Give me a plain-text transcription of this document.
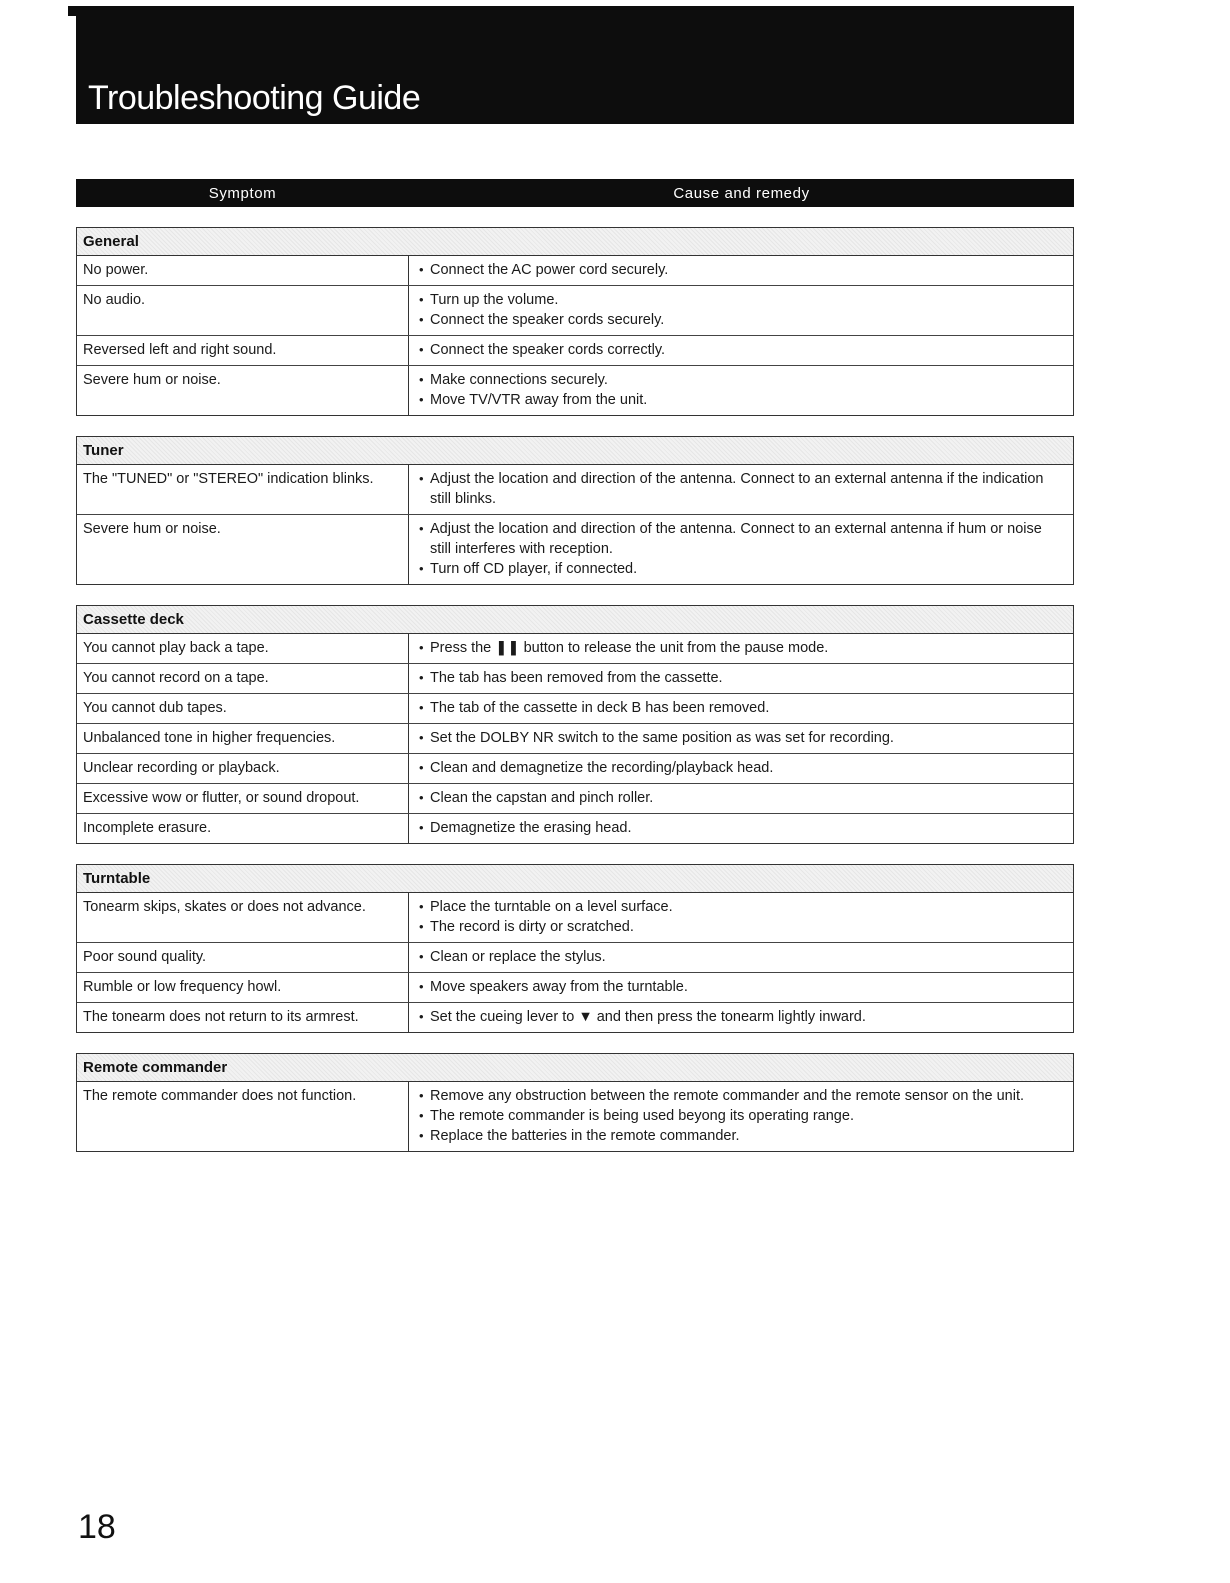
Troubleshooting Guide
Symptom	Cause and remedy
General
No power.	• Connect the AC power cord securely.
No audio.	• Turn up the volume.
• Connect the speaker cords securely.
Reversed left and right sound.	• Connect the speaker cords correctly.
Severe hum or noise.	• Make connections securely.
• Move TV/VTR away from the unit.
Tuner
The "TUNED" or "STEREO" indication blinks.	• Adjust the location and direction of the antenna. Connect to an external antenna if the indication still blinks.
Severe hum or noise.	• Adjust the location and direction of the antenna. Connect to an external antenna if hum or noise still interferes with reception.
• Turn off CD player, if connected.
Cassette deck
You cannot play back a tape.	• Press the ❚❚ button to release the unit from the pause mode.
You cannot record on a tape.	• The tab has been removed from the cassette.
You cannot dub tapes.	• The tab of the cassette in deck B has been removed.
Unbalanced tone in higher frequencies.	• Set the DOLBY NR switch to the same position as was set for recording.
Unclear recording or playback.	• Clean and demagnetize the recording/playback head.
Excessive wow or flutter, or sound dropout.	• Clean the capstan and pinch roller.
Incomplete erasure.	• Demagnetize the erasing head.
Turntable
Tonearm skips, skates or does not advance.	• Place the turntable on a level surface.
• The record is dirty or scratched.
Poor sound quality.	• Clean or replace the stylus.
Rumble or low frequency howl.	• Move speakers away from the turntable.
The tonearm does not return to its armrest.	• Set the cueing lever to ▼ and then press the tonearm lightly inward.
Remote commander
The remote commander does not function.	• Remove any obstruction between the remote commander and the remote sensor on the unit.
• The remote commander is being used beyong its operating range.
• Replace the batteries in the remote commander.
18
